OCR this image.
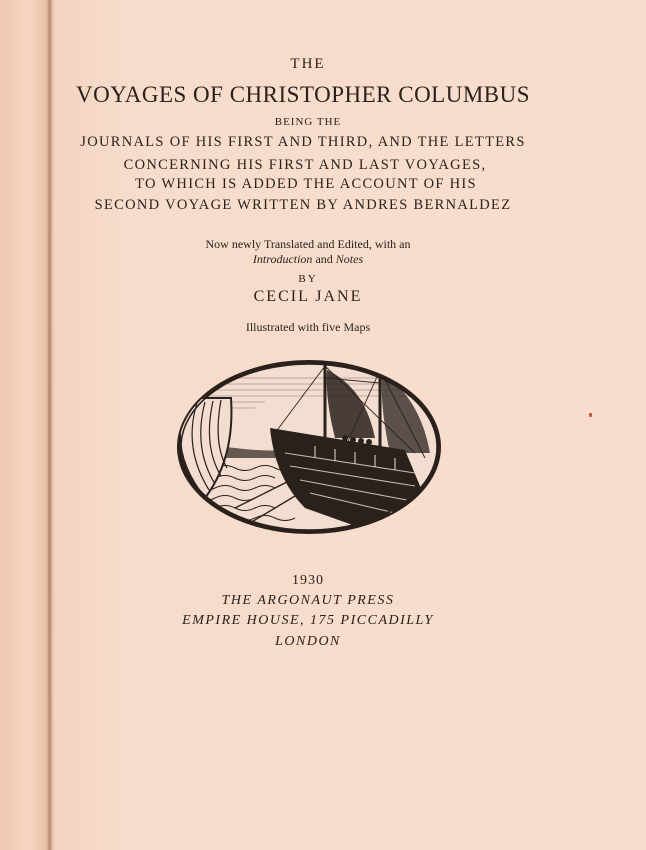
THE
VOYAGES OF CHRISTOPHER COLUMBUS
BEING THE
JOURNALS OF HIS FIRST AND THIRD, AND THE LETTERS
CONCERNING HIS FIRST AND LAST VOYAGES,
TO WHICH IS ADDED THE ACCOUNT OF HIS
SECOND VOYAGE WRITTEN BY ANDRES BERNALDEZ
Now newly Translated and Edited, with an
Introduction and Notes
BY
CECIL JANE
Illustrated with five Maps
1930
THE ARGONAUT PRESS
EMPIRE HOUSE, 175 PICCADILLY
LONDON
